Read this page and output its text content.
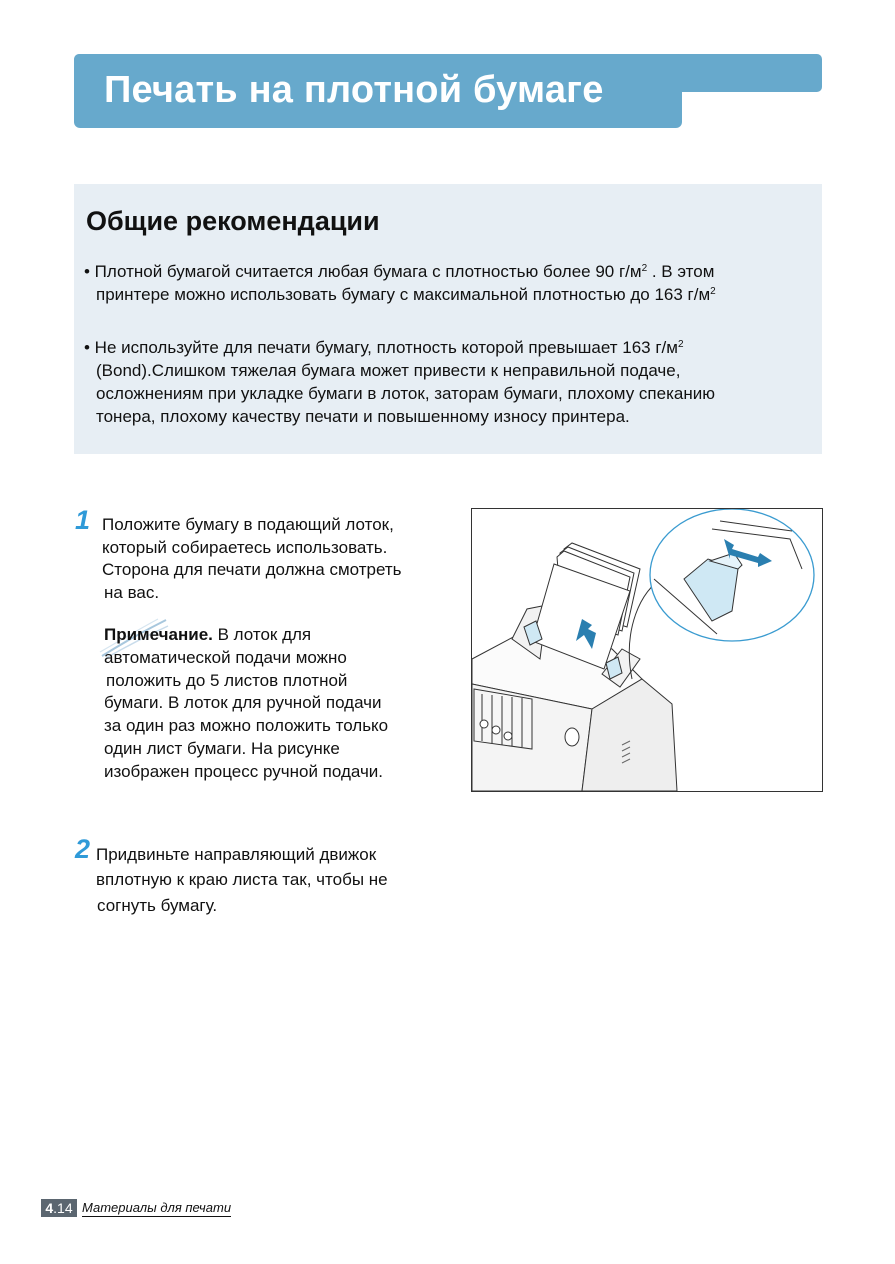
Печать на плотной бумаге
Общие рекомендации
• Плотной бумагой считается любая бумага с плотностью более 90 $г/м^2$ . В этом
принтере можно использовать бумагу с максимальной плотностью до 163 $г/м^2$
• Не используйте для печати бумагу, плотность которой превышает 163 $г/м^2$
(Bond).Слишком тяжелая бумага может привести к неправильной подаче,
осложнениям при укладке бумаги в лоток, заторам бумаги, плохому спеканию
тонера, плохому качеству печати и повышенному износу принтера.
1 Положите бумагу в подающий лоток,
который собираетесь использовать.
Сторона для печати должна смотреть
на вас.
Примечание. В лоток для
автоматической подачи можно
положить до 5 листов плотной
бумаги. В лоток для ручной подачи
за один раз можно положить только
один лист бумаги. На рисунке
изображен процесс ручной подачи.
2 Придвиньте направляющий движок
вплотную к краю листа так, чтобы не
согнуть бумагу.
4.14 Материалы для печати
